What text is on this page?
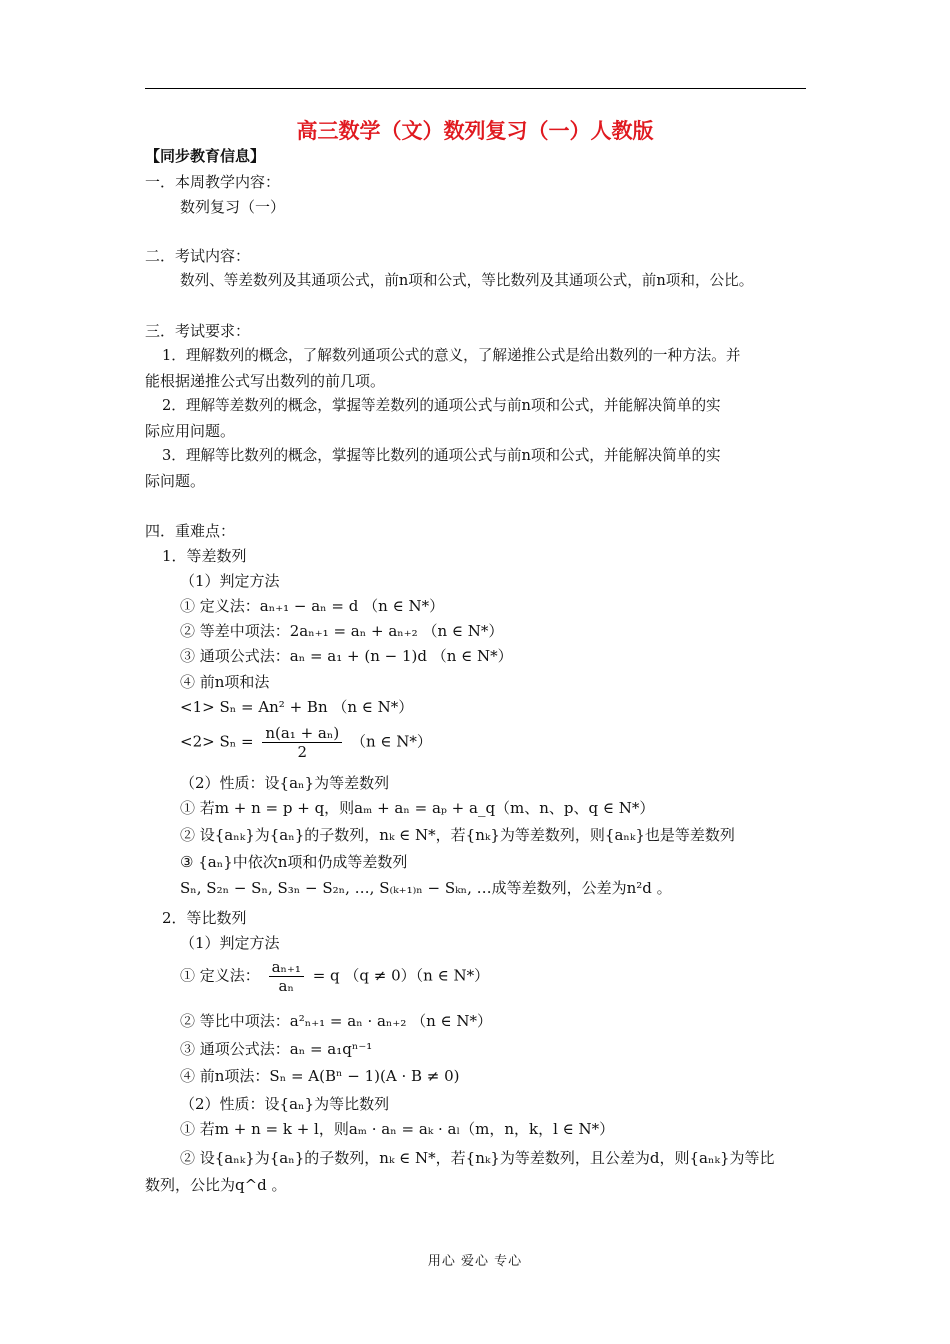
高三数学（文）数列复习（一）人教版
【同步教育信息】
一．本周教学内容：
数列复习（一）
二．考试内容：
数列、等差数列及其通项公式，前n项和公式，等比数列及其通项公式，前n项和，公比。
三．考试要求：
1．理解数列的概念，了解数列通项公式的意义，了解递推公式是给出数列的一种方法。并
能根据递推公式写出数列的前几项。
2．理解等差数列的概念，掌握等差数列的通项公式与前n项和公式，并能解决简单的实
际应用问题。
3．理解等比数列的概念，掌握等比数列的通项公式与前n项和公式，并能解决简单的实
际问题。
四．重难点：
1．等差数列
（1）判定方法
① 定义法：aₙ₊₁ − aₙ = d （n ∈ N*）
② 等差中项法：2aₙ₊₁ = aₙ + aₙ₊₂ （n ∈ N*）
③ 通项公式法：aₙ = a₁ + (n − 1)d （n ∈ N*）
④ 前n项和法
<1> Sₙ = An² + Bn （n ∈ N*）
$<2> S_n = \frac{\text{n(a₁ + aₙ)}}{2} (n$ ∈ N*）
（2）性质：设{aₙ}为等差数列
① 若m + n = p + q，则aₘ + aₙ = aₚ + a_q（m、n、p、q ∈ N*）
② 设{aₙₖ}为{aₙ}的子数列，nₖ ∈ N*，若{nₖ}为等差数列，则{aₙₖ}也是等差数列
③ {aₙ}中依次n项和仍成等差数列
Sₙ, S₂ₙ − Sₙ, S₃ₙ − S₂ₙ, …, S₍ₖ₊₁₎ₙ − Sₖₙ, …成等差数列，公差为n²d 。
2．等比数列
（1）判定方法
① 定义法： $\frac{\text{aₙ₊₁}}{\text{aₙ}} = q$ （q ≠ 0）（n ∈ N*）
② 等比中项法：a²ₙ₊₁ = aₙ · aₙ₊₂ （n ∈ N*）
③ 通项公式法：aₙ = a₁qⁿ⁻¹
④ 前n项法：Sₙ = A(Bⁿ − 1)(A · B ≠ 0)
（2）性质：设{aₙ}为等比数列
① 若m + n = k + l，则aₘ · aₙ = aₖ · aₗ（m，n，k，l ∈ N*）
② 设{aₙₖ}为{aₙ}的子数列，nₖ ∈ N*，若{nₖ}为等差数列，且公差为d，则{aₙₖ}为等比
数列，公比为q^d 。
用心 爱心 专心
